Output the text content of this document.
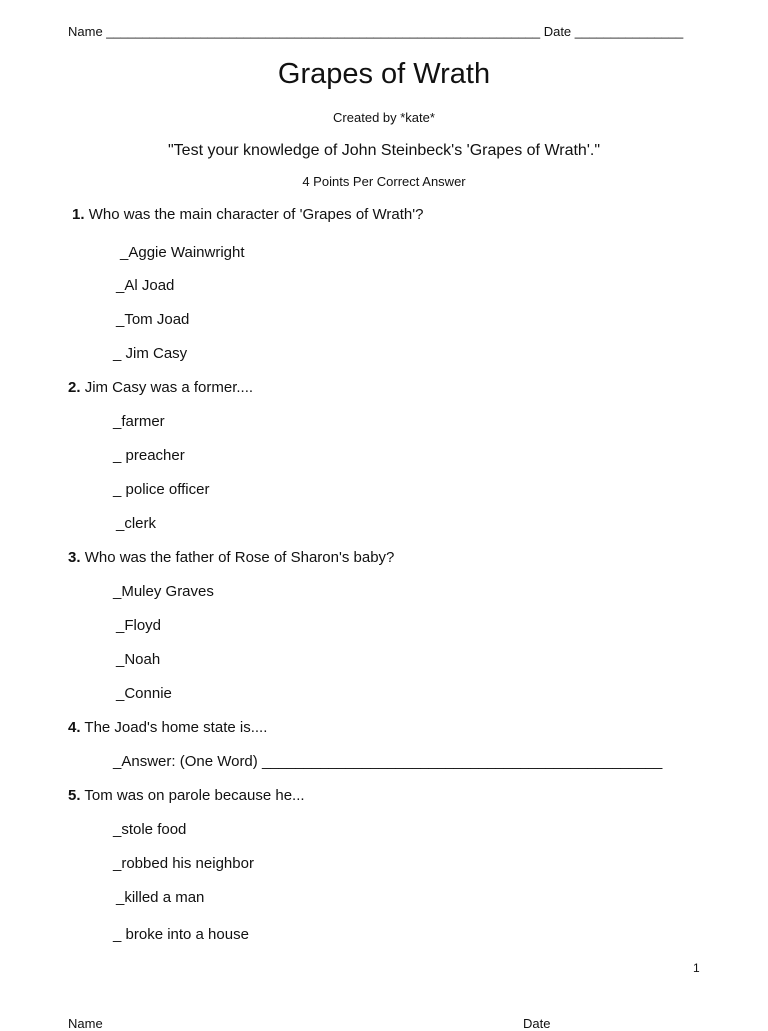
Name ____________________________________________________________ Date _______________
Grapes of Wrath
Created by *kate*
"Test your knowledge of John Steinbeck's 'Grapes of Wrath'."
4 Points Per Correct Answer
1. Who was the main character of 'Grapes of Wrath'?
_Aggie Wainwright
_Al Joad
_Tom Joad
_ Jim Casy
2. Jim Casy was a former....
_farmer
_ preacher
_ police officer
_clerk
3. Who was the father of Rose of Sharon's baby?
_Muley Graves
_Floyd
_Noah
_Connie
4. The Joad's home state is....
_Answer: (One Word) ________________________________________________
5. Tom was on parole because he...
_stole food
_robbed his neighbor
_killed a man
_ broke into a house
1
Name	Date
